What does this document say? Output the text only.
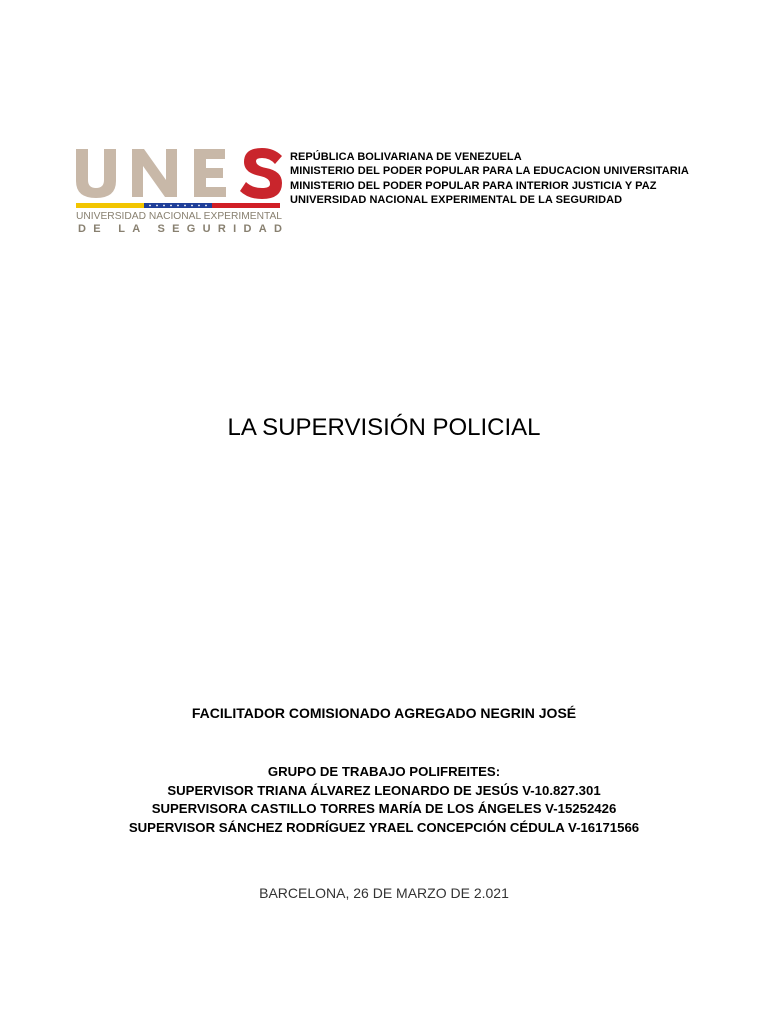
UNIVERSIDAD NACIONAL EXPERIMENTAL
DE LA SEGURIDAD
REPÚBLICA BOLIVARIANA DE VENEZUELA
MINISTERIO DEL PODER POPULAR PARA LA EDUCACION UNIVERSITARIA
MINISTERIO DEL PODER POPULAR PARA INTERIOR JUSTICIA Y PAZ
UNIVERSIDAD NACIONAL EXPERIMENTAL DE LA SEGURIDAD
LA SUPERVISIÓN POLICIAL
FACILITADOR COMISIONADO AGREGADO NEGRIN JOSÉ
GRUPO DE TRABAJO POLIFREITES:
SUPERVISOR TRIANA ÁLVAREZ LEONARDO DE JESÚS V-10.827.301
SUPERVISORA CASTILLO TORRES MARÍA DE LOS ÁNGELES V-15252426
SUPERVISOR SÁNCHEZ RODRÍGUEZ YRAEL CONCEPCIÓN CÉDULA V-16171566
BARCELONA, 26 DE MARZO DE 2.021
